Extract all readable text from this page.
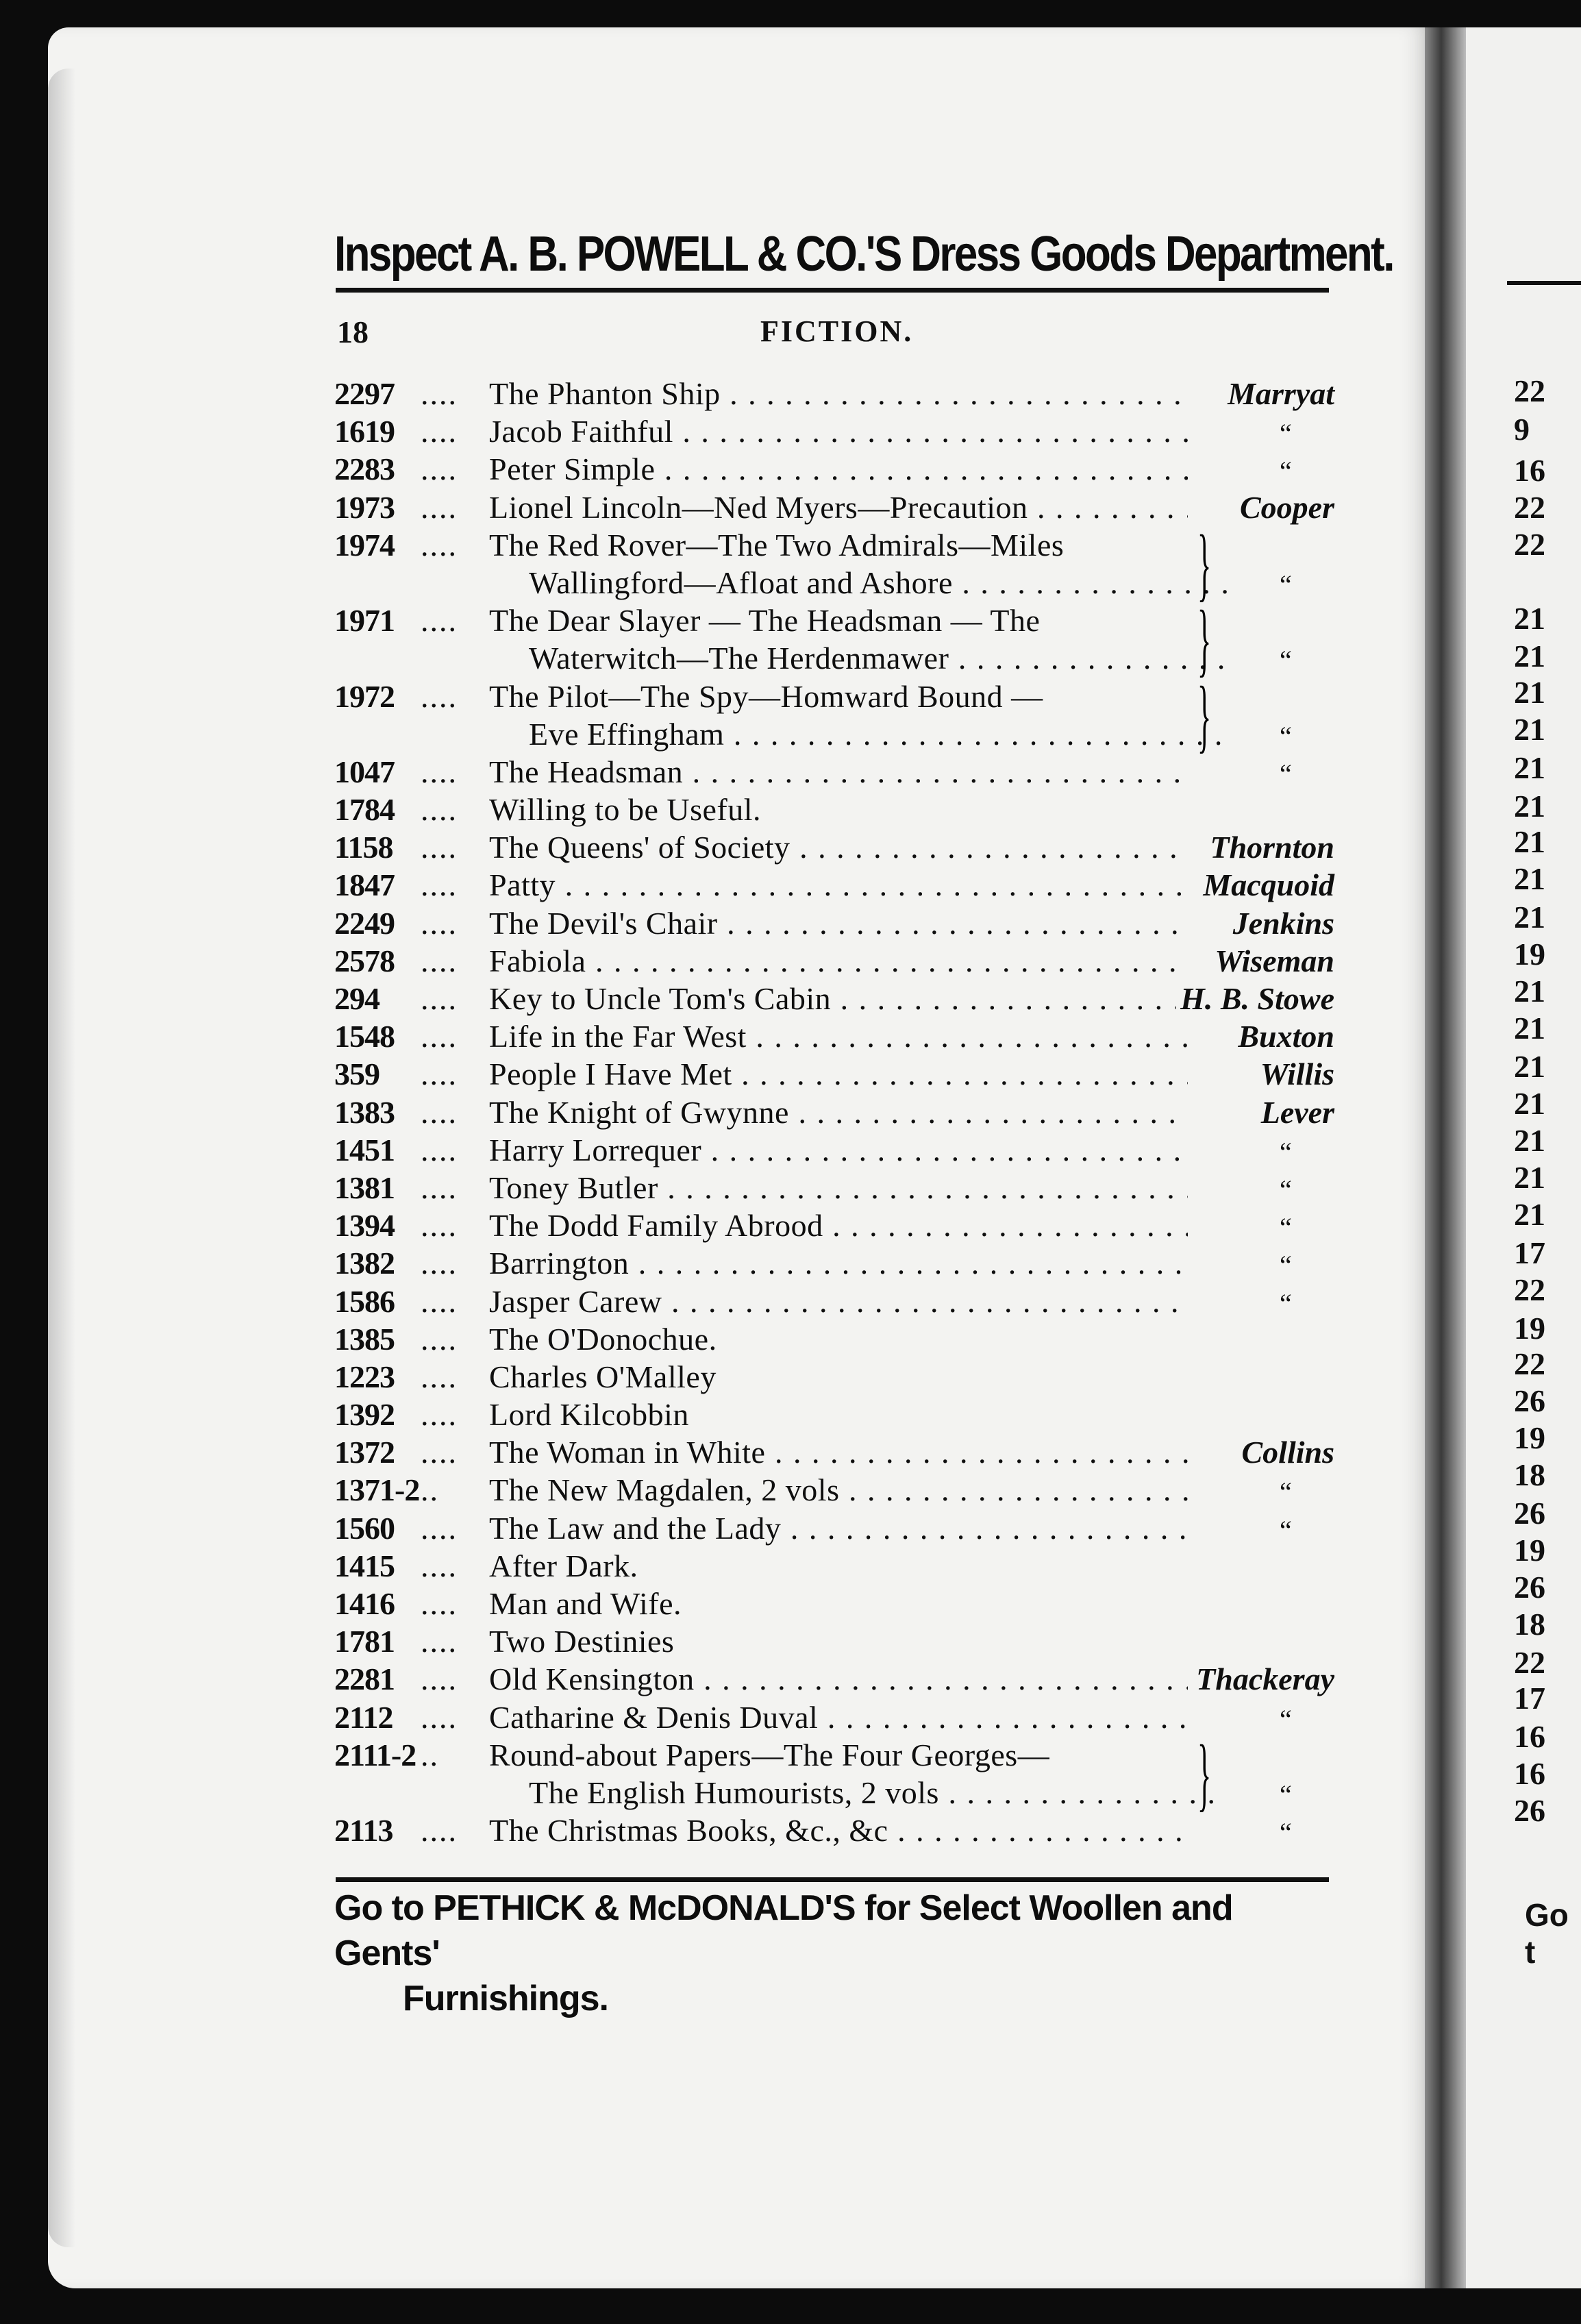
22
9
16
22
22
21
21
21
21
21
21
21
21
21
19
21
21
21
21
21
21
21
17
22
19
22
26
19
18
26
19
26
18
22
17
16
16
26
Go t
Inspect A. B. POWELL & CO.'S Dress Goods Department.
18	FICTION.
2297 .... The Phanton Ship . . .	Marryat
1619 .... Jacob Faithful . . .	“
2283 .... Peter Simple . . .	“
1973 .... Lionel Lincoln—Ned Myers—Precaution . . .	Cooper
1974 .... The Red Rover—The Two Admirals—Miles
Wallingford—Afloat and Ashore . . .	“
1971 .... The Dear Slayer — The Headsman — The
Waterwitch—The Herdenmawer . . .	“
1972 .... The Pilot—The Spy—Homward Bound —
Eve Effingham . . .	“
1047 .... The Headsman . . .	“
1784 .... Willing to be Useful.
1158 .... The Queens' of Society . . .	Thornton
1847 .... Patty . . .	Macquoid
2249 .... The Devil's Chair . . .	Jenkins
2578 .... Fabiola . . .	Wiseman
294 .... Key to Uncle Tom's Cabin . . .	H. B. Stowe
1548 .... Life in the Far West . . .	Buxton
359 .... People I Have Met . . .	Willis
1383 .... The Knight of Gwynne . . .	Lever
1451 .... Harry Lorrequer . . .	“
1381 .... Toney Butler . . .	“
1394 .... The Dodd Family Abrood . . .	“
1382 .... Barrington . . .	“
1586 .... Jasper Carew . . .	“
1385 .... The O'Donochue.
1223 .... Charles O'Malley
1392 .... Lord Kilcobbin
1372 .... The Woman in White . . .	Collins
1371-2 .. The New Magdalen, 2 vols . . .	“
1560 .... The Law and the Lady . . .	“
1415 .... After Dark.
1416 .... Man and Wife.
1781 .... Two Destinies
2281 .... Old Kensington . . .	Thackeray
2112 .... Catharine & Denis Duval . . .	“
2111-2 .. Round-about Papers—The Four Georges—
The English Humourists, 2 vols . . .	“
2113 .... The Christmas Books, &c., &c . . .	“
}
}
}
}
Go to PETHICK & McDONALD'S for Select Woollen and Gents'
Furnishings.
